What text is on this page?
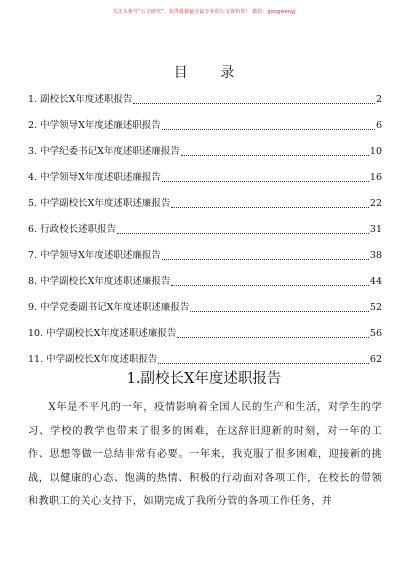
关注头条号“公文研究”，获得最新最全最专业的公文资料库！ 微信：gongwenyj
目 录
1. 副校长X年度述职报告	2
2. 中学领导X年度述廉述职报告	6
3. 中学纪委书记X年度述职述廉报告	10
4. 中学领导X年度述职述廉报告	16
5. 中学副校长X年度述职述廉报告	22
6. 行政校长述职报告	31
7. 中学领导X年度述职述廉报告	38
8. 中学副校长X年度述职述廉报告	44
9. 中学党委副书记X年度述职述廉报告	52
10. 中学副校长X年度述职述廉报告	56
11. 中学副校长X年度述职报告	62
1.副校长X年度述职报告
X年是不平凡的一年，疫情影响着全国人民的生产和生活，对学生的学习、学校的教学也带来了很多的困难，在这辞旧迎新的时刻，对一年的工作、思想等做一总结非常有必要。一年来，我克服了很多困难，迎接新的挑战，以健康的心态、饱满的热情、积极的行动面对各项工作，在校长的带领和教职工的关心支持下，如期完成了我所分管的各项工作任务，并
